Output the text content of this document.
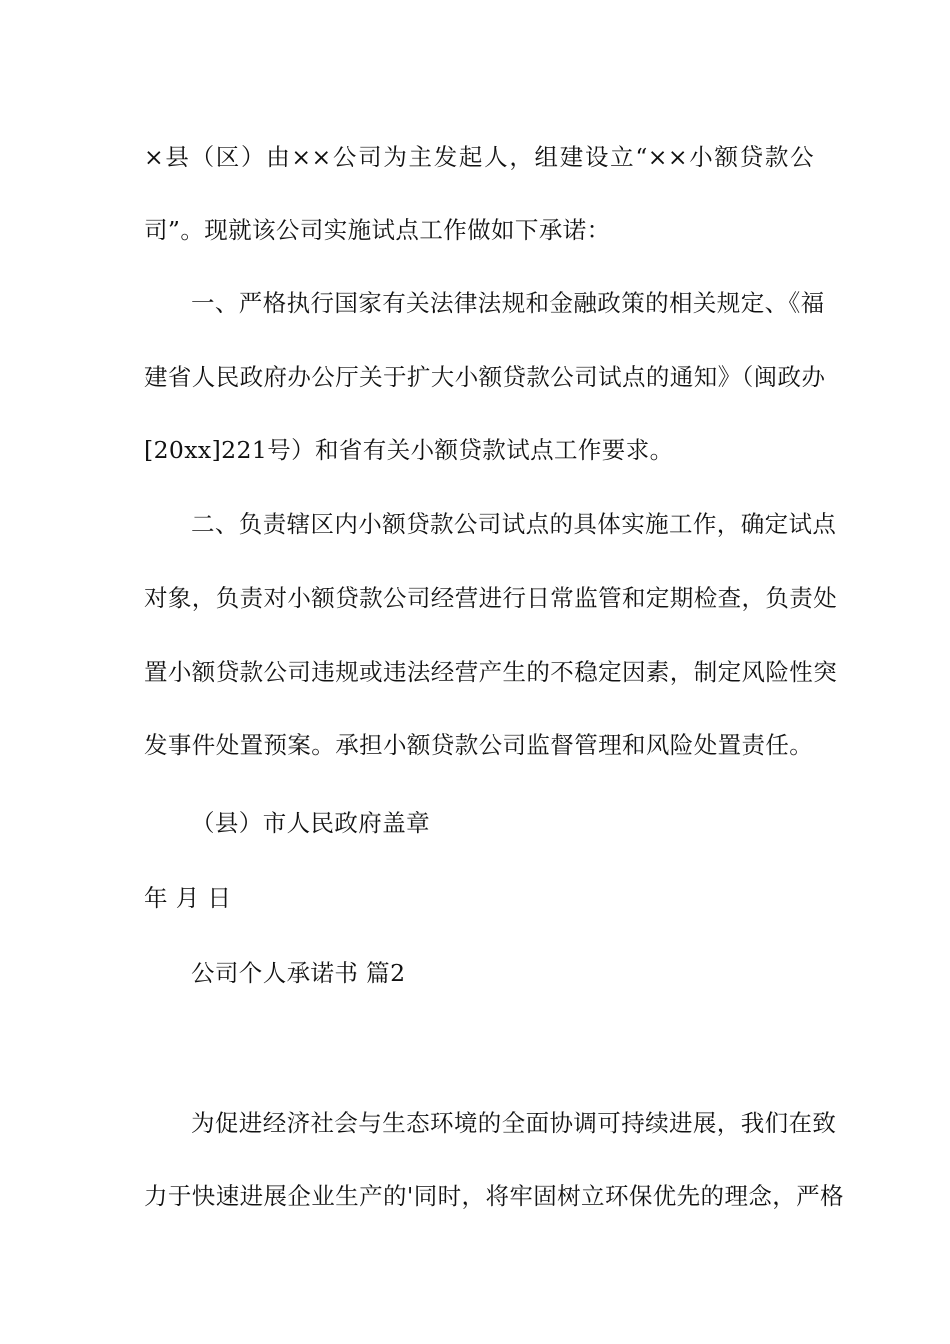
×县（区）由××公司为主发起人，组建设立“××小额贷款公
司”。现就该公司实施试点工作做如下承诺：
一、严格执行国家有关法律法规和金融政策的相关规定、《福
建省人民政府办公厅关于扩大小额贷款公司试点的通知》（闽政办
[20xx]221号）和省有关小额贷款试点工作要求。
二、负责辖区内小额贷款公司试点的具体实施工作，确定试点
对象，负责对小额贷款公司经营进行日常监管和定期检查，负责处
置小额贷款公司违规或违法经营产生的不稳定因素，制定风险性突
发事件处置预案。承担小额贷款公司监督管理和风险处置责任。
（县）市人民政府盖章
年 月 日
公司个人承诺书 篇2
为促进经济社会与生态环境的全面协调可持续进展，我们在致
力于快速进展企业生产的'同时，将牢固树立环保优先的理念，严格
